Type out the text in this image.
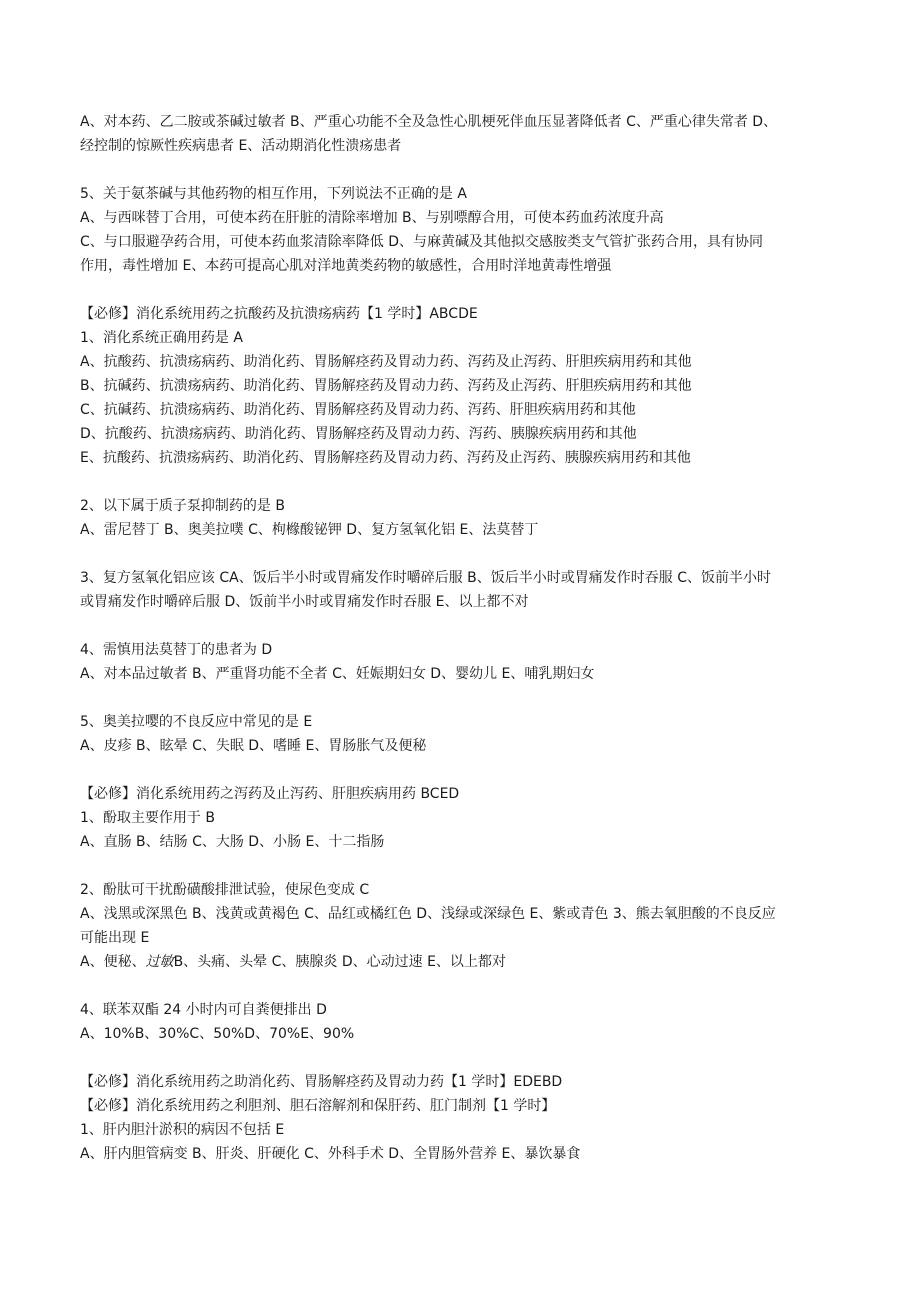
A、对本药、乙二胺或茶碱过敏者 B、严重心功能不全及急性心肌梗死伴血压显著降低者 C、严重心律失常者 D、
经控制的惊厥性疾病患者 E、活动期消化性溃疡患者
5、关于氨茶碱与其他药物的相互作用，下列说法不正确的是 A
A、与西咪替丁合用，可使本药在肝脏的清除率增加 B、与别嘌醇合用，可使本药血药浓度升高
C、与口服避孕药合用，可使本药血浆清除率降低 D、与麻黄碱及其他拟交感胺类支气管扩张药合用，具有协同
作用，毒性增加 E、本药可提高心肌对洋地黄类药物的敏感性，合用时洋地黄毒性增强
【必修】消化系统用药之抗酸药及抗溃疡病药【1 学时】ABCDE
1、消化系统正确用药是 A
A、抗酸药、抗溃疡病药、助消化药、胃肠解痉药及胃动力药、泻药及止泻药、肝胆疾病用药和其他
B、抗碱药、抗溃疡病药、助消化药、胃肠解痉药及胃动力药、泻药及止泻药、肝胆疾病用药和其他
C、抗碱药、抗溃疡病药、助消化药、胃肠解痉药及胃动力药、泻药、肝胆疾病用药和其他
D、抗酸药、抗溃疡病药、助消化药、胃肠解痉药及胃动力药、泻药、胰腺疾病用药和其他
E、抗酸药、抗溃疡病药、助消化药、胃肠解痉药及胃动力药、泻药及止泻药、胰腺疾病用药和其他
2、以下属于质子泵抑制药的是 B
A、雷尼替丁 B、奥美拉噗 C、枸橼酸铋钾 D、复方氢氧化铝 E、法莫替丁
3、复方氢氧化铝应该 CA、饭后半小时或胃痛发作时嚼碎后服 B、饭后半小时或胃痛发作时吞服 C、饭前半小时
或胃痛发作时嚼碎后服 D、饭前半小时或胃痛发作时吞服 E、以上都不对
4、需慎用法莫替丁的患者为 D
A、对本品过敏者 B、严重肾功能不全者 C、妊娠期妇女 D、婴幼儿 E、哺乳期妇女
5、奥美拉嘤的不良反应中常见的是 E
A、皮疹 B、眩晕 C、失眠 D、嗜睡 E、胃肠胀气及便秘
【必修】消化系统用药之泻药及止泻药、肝胆疾病用药 BCED
1、酚取主要作用于 B
A、直肠 B、结肠 C、大肠 D、小肠 E、十二指肠
2、酚肽可干扰酚磺酸排泄试验，使尿色变成 C
A、浅黑或深黑色 B、浅黄或黄褐色 C、品红或橘红色 D、浅绿或深绿色 E、紫或青色 3、熊去氧胆酸的不良反应
可能出现 E
A、便秘、过敏B、头痛、头晕 C、胰腺炎 D、心动过速 E、以上都对
4、联苯双酯 24 小时内可自粪便排出 D
A、10%B、30%C、50%D、70%E、90%
【必修】消化系统用药之助消化药、胃肠解痉药及胃动力药【1 学时】EDEBD
【必修】消化系统用药之利胆剂、胆石溶解剂和保肝药、肛门制剂【1 学时】
1、肝内胆汁淤积的病因不包括 E
A、肝内胆管病变 B、肝炎、肝硬化 C、外科手术 D、全胃肠外营养 E、暴饮暴食
